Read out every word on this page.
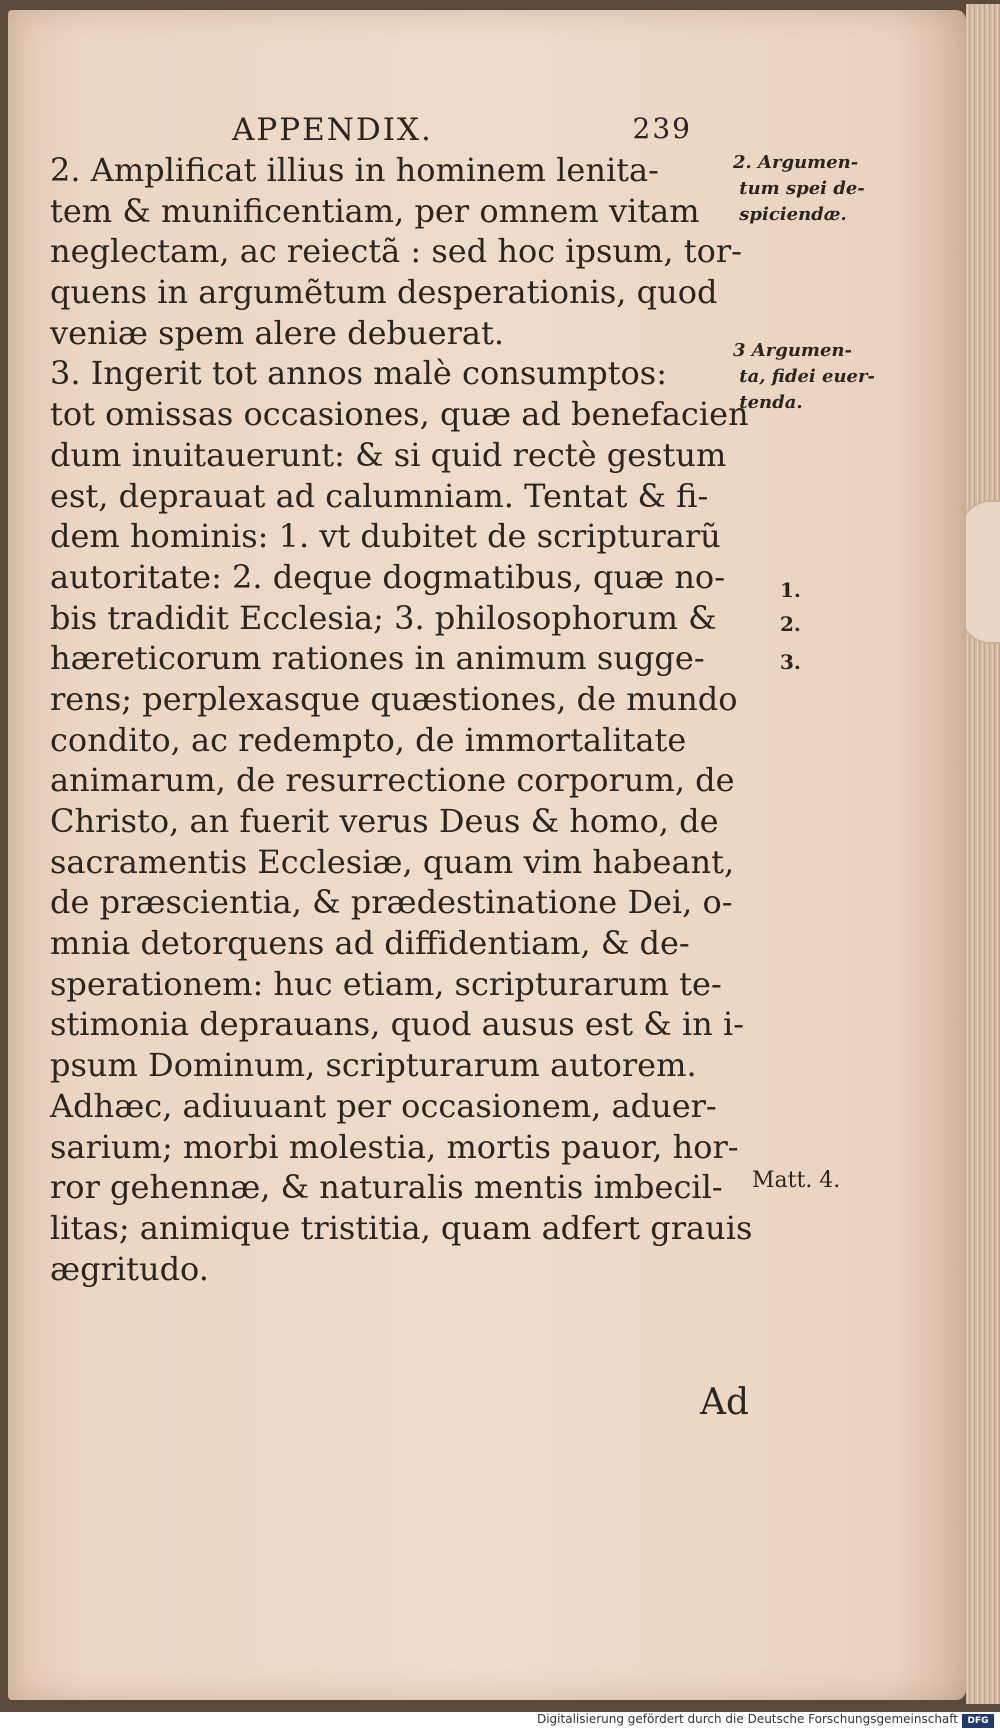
APPENDIX.	239
2. Amplificat illius in hominem lenita-
tem & munificentiam, per omnem vitam
neglectam, ac reiectã : sed hoc ipsum, tor-
quens in argumẽtum desperationis, quod
veniæ spem alere debuerat.
3. Ingerit tot annos malè consumptos:
tot omissas occasiones, quæ ad benefacien
dum inuitauerunt: & si quid rectè gestum
est, deprauat ad calumniam. Tentat & fi-
dem hominis: 1. vt dubitet de scripturarũ
autoritate: 2. deque dogmatibus, quæ no-
bis tradidit Ecclesia; 3. philosophorum &
hæreticorum rationes in animum sugge-
rens; perplexasque quæstiones, de mundo
condito, ac redempto, de immortalitate
animarum, de resurrectione corporum, de
Christo, an fuerit verus Deus & homo, de
sacramentis Ecclesiæ, quam vim habeant,
de præscientia, & prædestinatione Dei, o-
mnia detorquens ad diffidentiam, & de-
sperationem: huc etiam, scripturarum te-
stimonia deprauans, quod ausus est & in i-
psum Dominum, scripturarum autorem.
Adhæc, adiuuant per occasionem, aduer-
sarium; morbi molestia, mortis pauor, hor-
ror gehennæ, & naturalis mentis imbecil-
litas; animique tristitia, quam adfert grauis
ægritudo.
2. Argumen-
tum spei de-
spiciendæ.
3 Argumen-
ta, fidei euer-
tenda.
1.
2.
3.
Matt. 4.
Ad
Digitalisierung gefördert durch die Deutsche Forschungsgemeinschaft	DFG
